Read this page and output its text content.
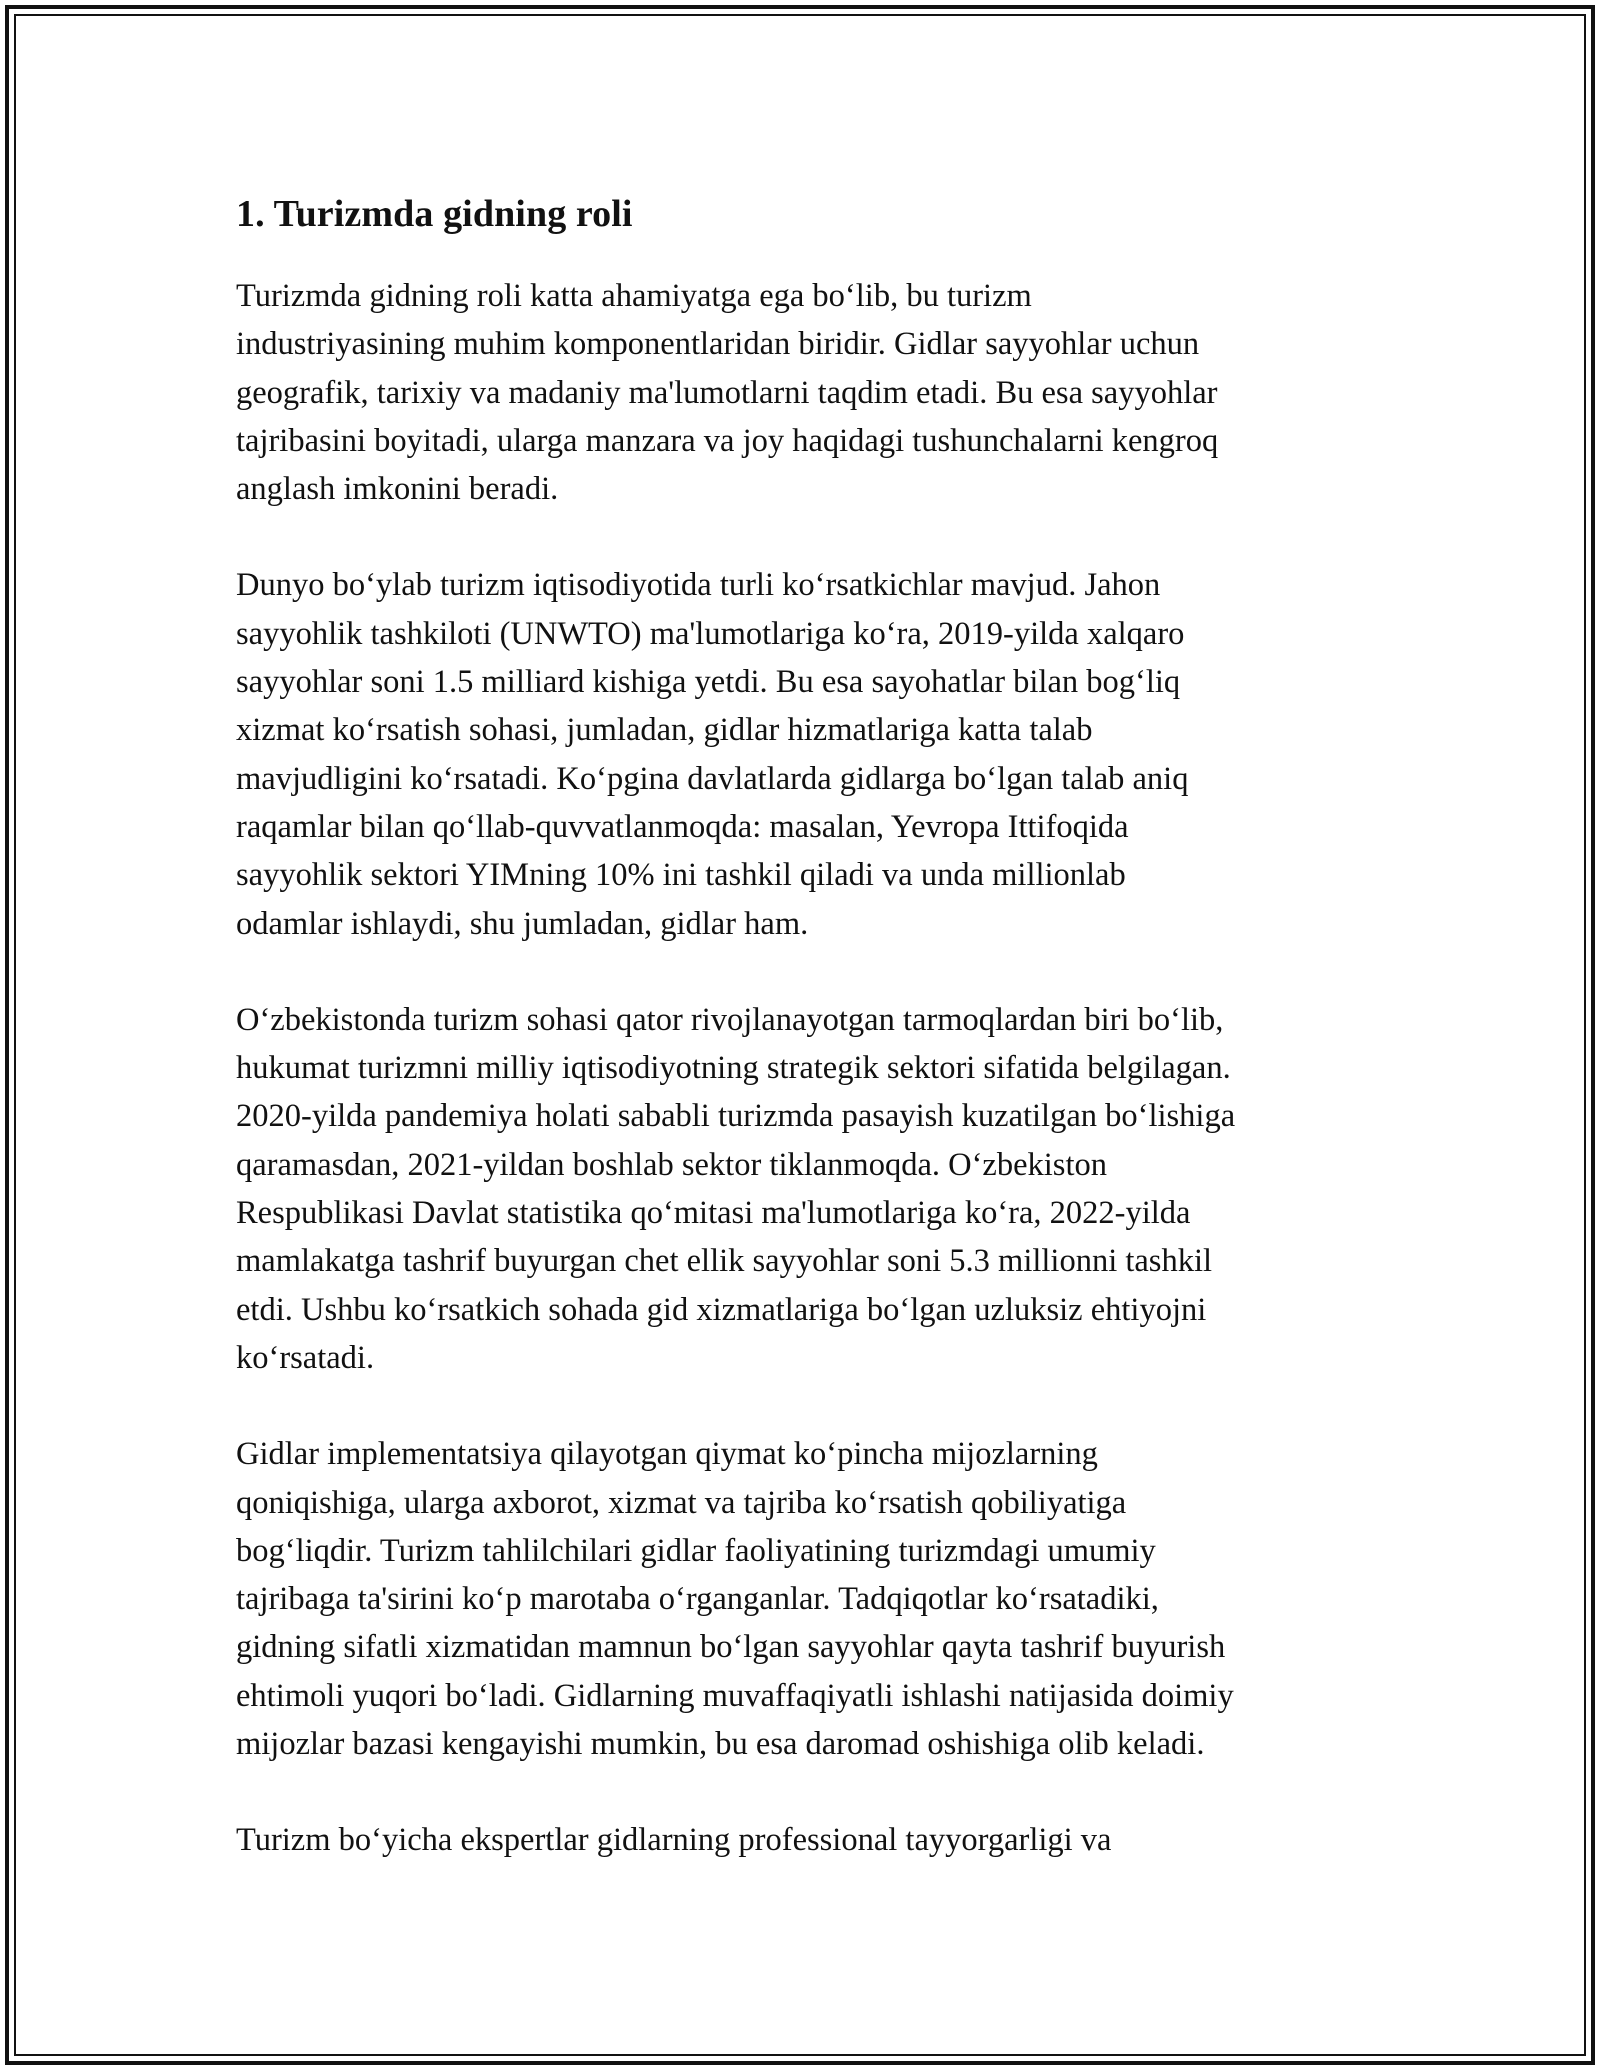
1. Turizmda gidning roli

Turizmda gidning roli katta ahamiyatga ega bo‘lib, bu turizm
industriyasining muhim komponentlaridan biridir. Gidlar sayyohlar uchun
geografik, tarixiy va madaniy ma'lumotlarni taqdim etadi. Bu esa sayyohlar
tajribasini boyitadi, ularga manzara va joy haqidagi tushunchalarni kengroq
anglash imkonini beradi.

Dunyo bo‘ylab turizm iqtisodiyotida turli ko‘rsatkichlar mavjud. Jahon
sayyohlik tashkiloti (UNWTO) ma'lumotlariga ko‘ra, 2019-yilda xalqaro
sayyohlar soni 1.5 milliard kishiga yetdi. Bu esa sayohatlar bilan bog‘liq
xizmat ko‘rsatish sohasi, jumladan, gidlar hizmatlariga katta talab
mavjudligini ko‘rsatadi. Ko‘pgina davlatlarda gidlarga bo‘lgan talab aniq
raqamlar bilan qo‘llab-quvvatlanmoqda: masalan, Yevropa Ittifoqida
sayyohlik sektori YIMning 10% ini tashkil qiladi va unda millionlab
odamlar ishlaydi, shu jumladan, gidlar ham.

O‘zbekistonda turizm sohasi qator rivojlanayotgan tarmoqlardan biri bo‘lib,
hukumat turizmni milliy iqtisodiyotning strategik sektori sifatida belgilagan.
2020-yilda pandemiya holati sababli turizmda pasayish kuzatilgan bo‘lishiga
qaramasdan, 2021-yildan boshlab sektor tiklanmoqda. O‘zbekiston
Respublikasi Davlat statistika qo‘mitasi ma'lumotlariga ko‘ra, 2022-yilda
mamlakatga tashrif buyurgan chet ellik sayyohlar soni 5.3 millionni tashkil
etdi. Ushbu ko‘rsatkich sohada gid xizmatlariga bo‘lgan uzluksiz ehtiyojni
ko‘rsatadi.

Gidlar implementatsiya qilayotgan qiymat ko‘pincha mijozlarning
qoniqishiga, ularga axborot, xizmat va tajriba ko‘rsatish qobiliyatiga
bog‘liqdir. Turizm tahlilchilari gidlar faoliyatining turizmdagi umumiy
tajribaga ta'sirini ko‘p marotaba o‘rganganlar. Tadqiqotlar ko‘rsatadiki,
gidning sifatli xizmatidan mamnun bo‘lgan sayyohlar qayta tashrif buyurish
ehtimoli yuqori bo‘ladi. Gidlarning muvaffaqiyatli ishlashi natijasida doimiy
mijozlar bazasi kengayishi mumkin, bu esa daromad oshishiga olib keladi.

Turizm bo‘yicha ekspertlar gidlarning professional tayyorgarligi va
